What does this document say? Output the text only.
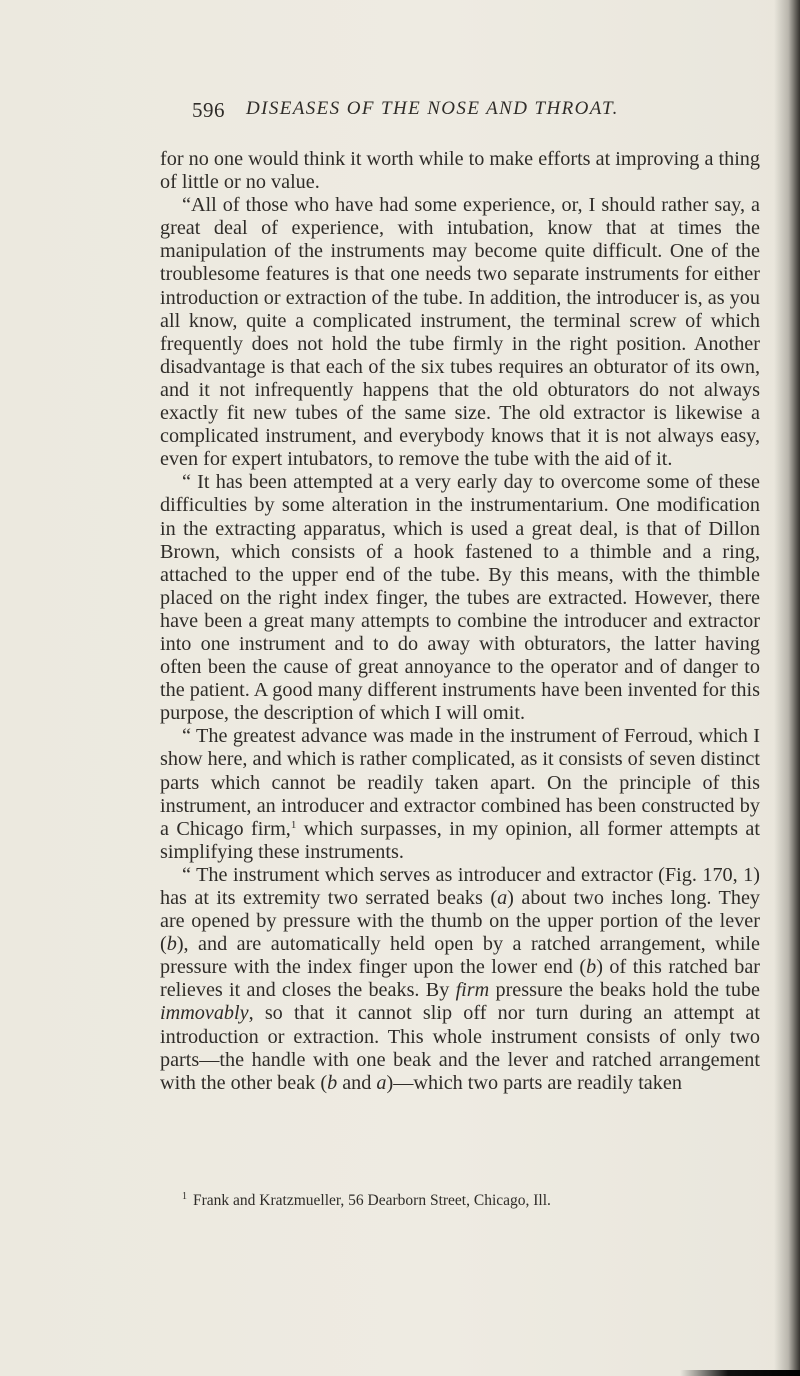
596 DISEASES OF THE NOSE AND THROAT.

for no one would think it worth while to make efforts at improving a thing of little or no value.

“All of those who have had some experience, or, I should rather say, a great deal of experience, with intubation, know that at times the manipulation of the instruments may become quite difficult. One of the troublesome features is that one needs two separate instruments for either introduction or extraction of the tube. In addition, the introducer is, as you all know, quite a complicated instrument, the terminal screw of which frequently does not hold the tube firmly in the right position. Another disadvantage is that each of the six tubes requires an obturator of its own, and it not infrequently happens that the old obturators do not always exactly fit new tubes of the same size. The old extractor is likewise a complicated instrument, and everybody knows that it is not always easy, even for expert intubators, to remove the tube with the aid of it.

“ It has been attempted at a very early day to overcome some of these difficulties by some alteration in the instrumentarium. One modification in the extracting apparatus, which is used a great deal, is that of Dillon Brown, which consists of a hook fastened to a thimble and a ring, attached to the upper end of the tube. By this means, with the thimble placed on the right index finger, the tubes are extracted. However, there have been a great many attempts to combine the introducer and extractor into one instrument and to do away with obturators, the latter having often been the cause of great annoyance to the operator and of danger to the patient. A good many different instruments have been invented for this purpose, the description of which I will omit.

“ The greatest advance was made in the instrument of Ferroud, which I show here, and which is rather complicated, as it consists of seven distinct parts which cannot be readily taken apart. On the principle of this instrument, an introducer and extractor combined has been constructed by a Chicago firm,$^1$ which surpasses, in my opinion, all former attempts at simplifying these instruments.

“ The instrument which serves as introducer and extractor (Fig. 170, 1) has at its extremity two serrated beaks (a) about two inches long. They are opened by pressure with the thumb on the upper portion of the lever (b), and are automatically held open by a ratched arrangement, while pressure with the index finger upon the lower end (b) of this ratched bar relieves it and closes the beaks. By firm pressure the beaks hold the tube immovably, so that it cannot slip off nor turn during an attempt at introduction or extraction. This whole instrument consists of only two parts—the handle with one beak and the lever and ratched arrangement with the other beak (b and a)—which two parts are readily taken

$^1$ Frank and Kratzmueller, 56 Dearborn Street, Chicago, Ill.
